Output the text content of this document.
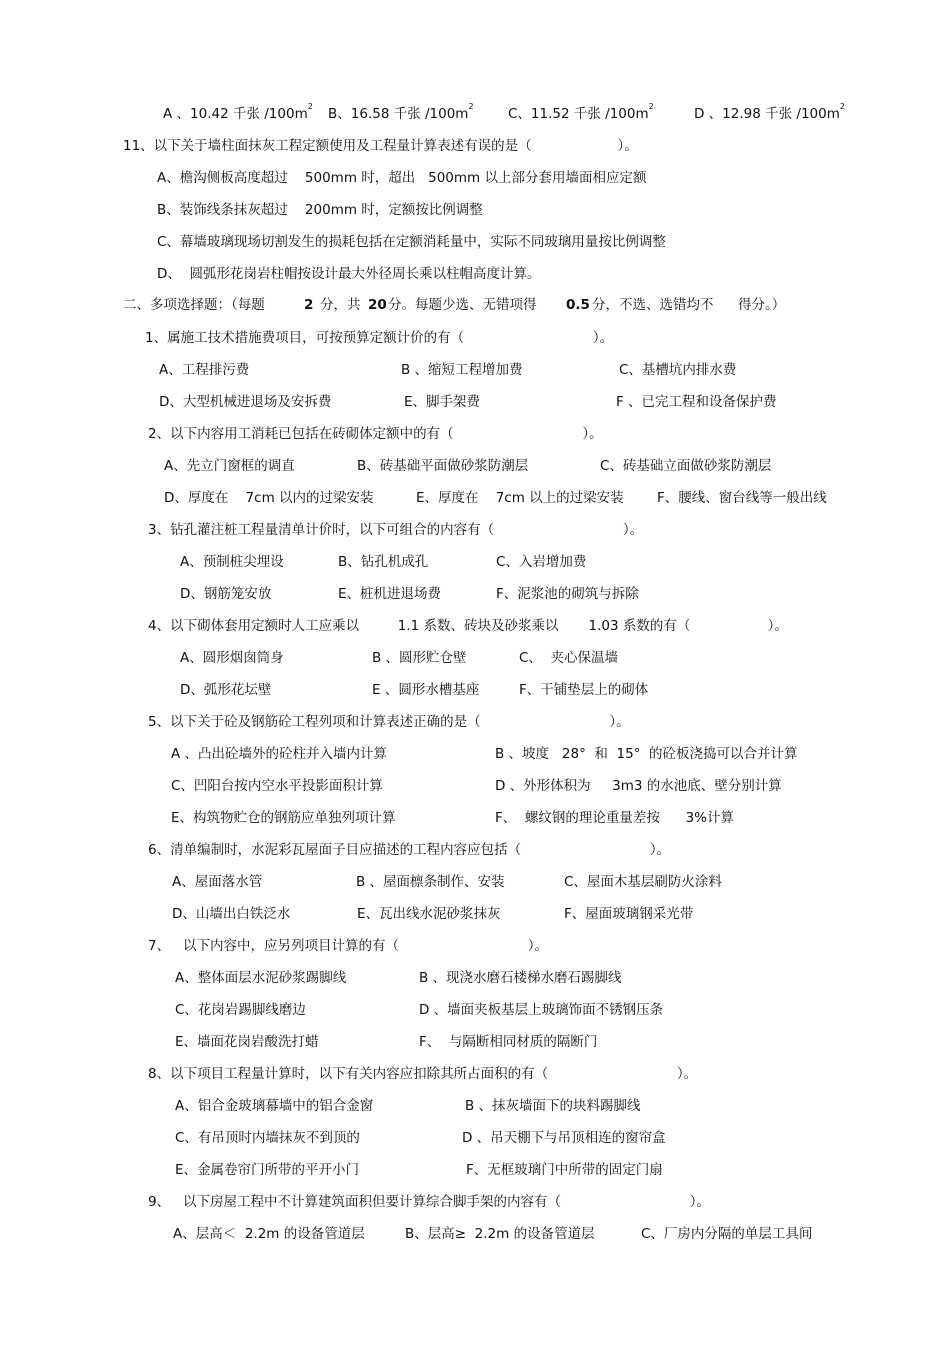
A 、10.42 千张 $/100m^2$

B、16.58 千张 $/100m^2$

	C、11.52 千张 $/100m^2$

	D 、12.98 千张 $/100m^2$

11、以下关于墙柱面抹灰工程定额使用及工程量计算表述有误的是（                    ）。
A、檐沟侧板高度超过    500mm 时，超出   500mm 以上部分套用墙面相应定额
B、装饰线条抹灰超过    200mm 时，定额按比例调整
C、幕墙玻璃现场切割发生的损耗包括在定额消耗量中，实际不同玻璃用量按比例调整
D、  圆弧形花岗岩柱帽按设计最大外径周长乘以柱帽高度计算。

二、多项选择题：（每题

	2

分，共

20

分。每题少选、无错项得

0.5

分，不选、选错均不

得分。）

1、属施工技术措施费项目，可按预算定额计价的有（                              ）。

A、工程排污费

	B 、缩短工程增加费

	C、基槽坑内排水费

D、大型机械进退场及安拆费

	E、脚手架费

	F 、已完工程和设备保护费

2、以下内容用工消耗已包括在砖砌体定额中的有（                              ）。

A、先立门窗框的调直

	B、砖基础平面做砂浆防潮层

	C、砖基础立面做砂浆防潮层

D、厚度在    7cm 以内的过梁安装

	E、厚度在    7cm 以上的过梁安装

F、腰线、窗台线等一般出线

3、钻孔灌注桩工程量清单计价时，以下可组合的内容有（                              ）。

A、预制桩尖埋设

	B、钻孔机成孔

	C、入岩增加费

D、钢筋笼安放

	E、桩机进退场费

	F、泥浆池的砌筑与拆除

4、以下砌体套用定额时人工应乘以         1.1 系数、砖块及砂浆乘以       1.03 系数的有（                  ）。

A、圆形烟囱筒身

	B 、圆形贮仓壁

	C、  夹心保温墙

D、弧形花坛壁

	E 、圆形水槽基座

	F、干铺垫层上的砌体

5、以下关于砼及钢筋砼工程列项和计算表述正确的是（                              ）。

A 、凸出砼墙外的砼柱并入墙内计算

	B 、坡度   28°  和  15°  的砼板浇捣可以合并计算

C、凹阳台按内空水平投影面积计算

	D 、外形体积为     3m3 的水池底、壁分别计算

E、构筑物贮仓的钢筋应单独列项计算

	F、  螺纹钢的理论重量差按      3%计算

6、清单编制时，水泥彩瓦屋面子目应描述的工程内容应包括（                              ）。

A、屋面落水管

	B 、屋面檩条制作、安装

	C、屋面木基层刷防火涂料

D、山墙出白铁泛水

	E、瓦出线水泥砂浆抹灰

	F、屋面玻璃钢采光带

7、   以下内容中，应另列项目计算的有（                              ）。

A、整体面层水泥砂浆踢脚线

	B 、现浇水磨石楼梯水磨石踢脚线

C、花岗岩踢脚线磨边

	D 、墙面夹板基层上玻璃饰面不锈钢压条

E、墙面花岗岩酸洗打蜡

	F、  与隔断相同材质的隔断门

8、以下项目工程量计算时，以下有关内容应扣除其所占面积的有（                              ）。

A、铝合金玻璃幕墙中的铝合金窗

	B 、抹灰墙面下的块料踢脚线

C、有吊顶时内墙抹灰不到顶的

	D 、吊天棚下与吊顶相连的窗帘盒

E、金属卷帘门所带的平开小门

	F、无框玻璃门中所带的固定门扇

9、   以下房屋工程中不计算建筑面积但要计算综合脚手架的内容有（                              ）。

A、层高＜  2.2m 的设备管道层

	B、层高≥  2.2m 的设备管道层

	C、厂房内分隔的单层工具间
